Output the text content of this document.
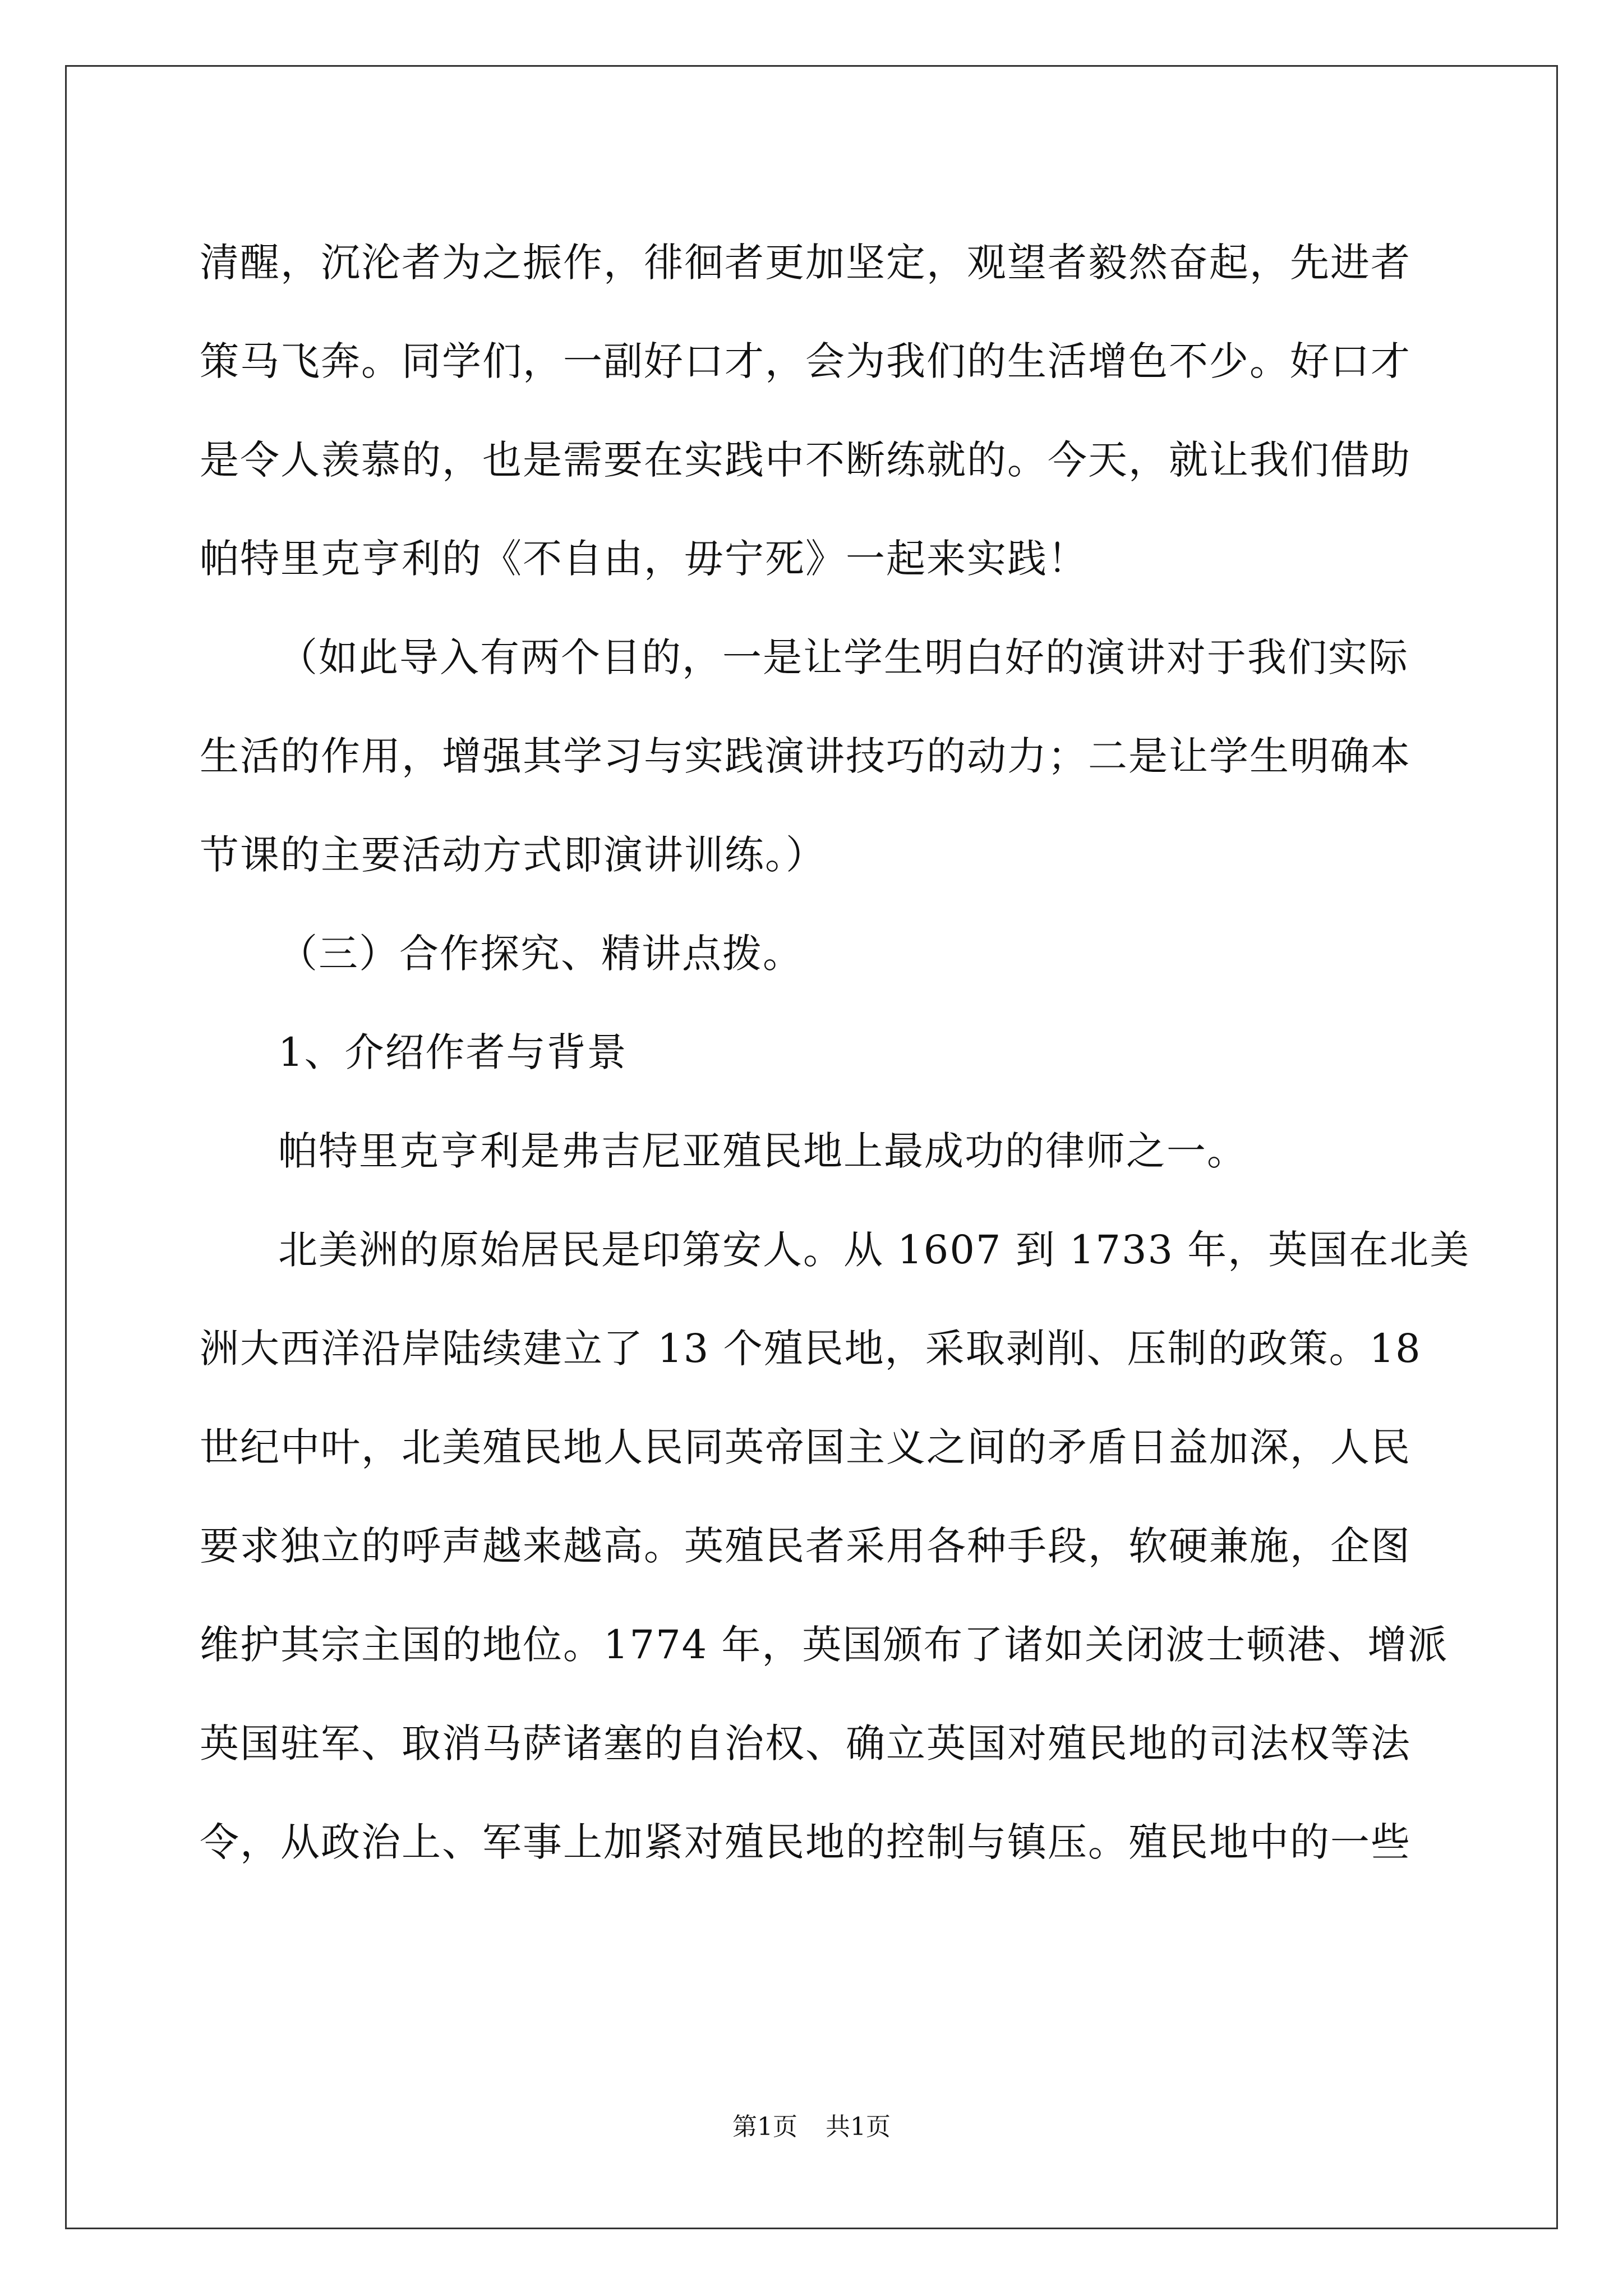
清醒，沉沦者为之振作，徘徊者更加坚定，观望者毅然奋起，先进者
策马飞奔。同学们，一副好口才，会为我们的生活增色不少。好口才
是令人羡慕的，也是需要在实践中不断练就的。今天，就让我们借助
帕特里克亨利的《不自由，毋宁死》一起来实践！
（如此导入有两个目的，一是让学生明白好的演讲对于我们实际
生活的作用，增强其学习与实践演讲技巧的动力；二是让学生明确本
节课的主要活动方式即演讲训练。）
（三）合作探究、精讲点拨。
1、介绍作者与背景
帕特里克亨利是弗吉尼亚殖民地上最成功的律师之一。
北美洲的原始居民是印第安人。从 1607 到 1733 年，英国在北美
洲大西洋沿岸陆续建立了 13 个殖民地，采取剥削、压制的政策。18
世纪中叶，北美殖民地人民同英帝国主义之间的矛盾日益加深，人民
要求独立的呼声越来越高。英殖民者采用各种手段，软硬兼施，企图
维护其宗主国的地位。1774 年，英国颁布了诸如关闭波士顿港、增派
英国驻军、取消马萨诸塞的自治权、确立英国对殖民地的司法权等法
令，从政治上、军事上加紧对殖民地的控制与镇压。殖民地中的一些
第1页 共1页
